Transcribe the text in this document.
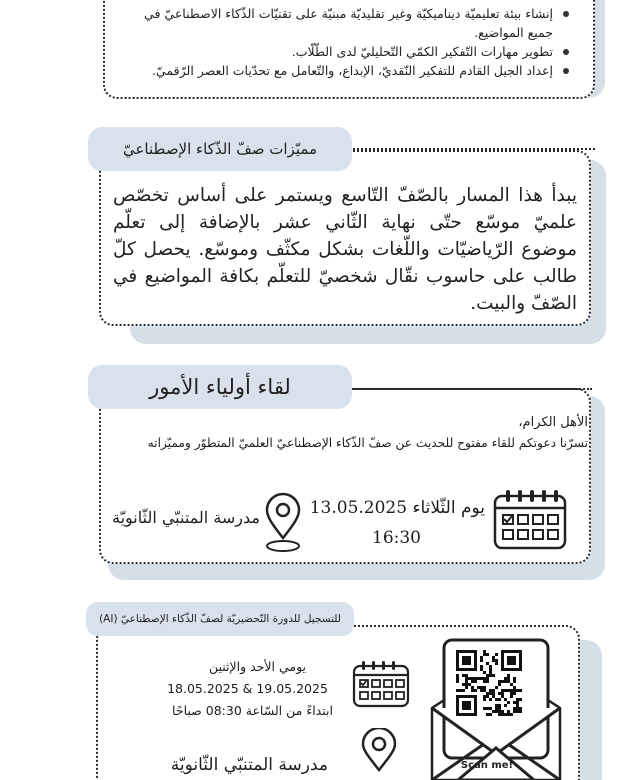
إنشاء بيئة تعليميّة ديناميكيّة وغير تقليديّة مبنيّة على تقنيّات الذّكاء الاصطناعيّ في جميع المواضيع.
تطوير مهارات التّفكير الكمّي التّحليليّ لدى الطّلّاب.
إعداد الجيل القادم للتفكير النّقديّ، الإبداع، والتّعامل مع تحدّيات العصر الرّقميّ.

يبدأ هذا المسار بالصّفّ التّاسع ويستمر على أساس تخصّص علميّ موسّع حتّى نهاية الثّاني عشر بالإضافة إلى تعلّم موضوع الرّياضيّات واللّغات بشكل مكثّف وموسّع. يحصل كلّ طالب على حاسوب نقّال شخصيّ للتعلّم بكافة المواضيع في الصّفّ والبيت.

مميّزات صفّ الذّكاء الإصطناعيّ
لقاء أولياء الأمور
الأهل الكرام،
تسرّنا دعوتكم للقاء مفتوح للحديث عن صفّ الذّكاء الإصطناعيّ العلميّ المتطوّر ومميّزاته
يوم الثّلاثاء 13.05.2025
16:30
مدرسة المتنبّي الثّانويّة
للتسجيل للدورة التّحضيريّة لصفّ الذّكاء الإصطناعيّ (AI)
يومي الأحد والإثنين
18.05.2025 & 19.05.2025
ابتداءً من السّاعة 08:30 صباحًا
مدرسة المتنبّي الثّانويّة	Scan me!
